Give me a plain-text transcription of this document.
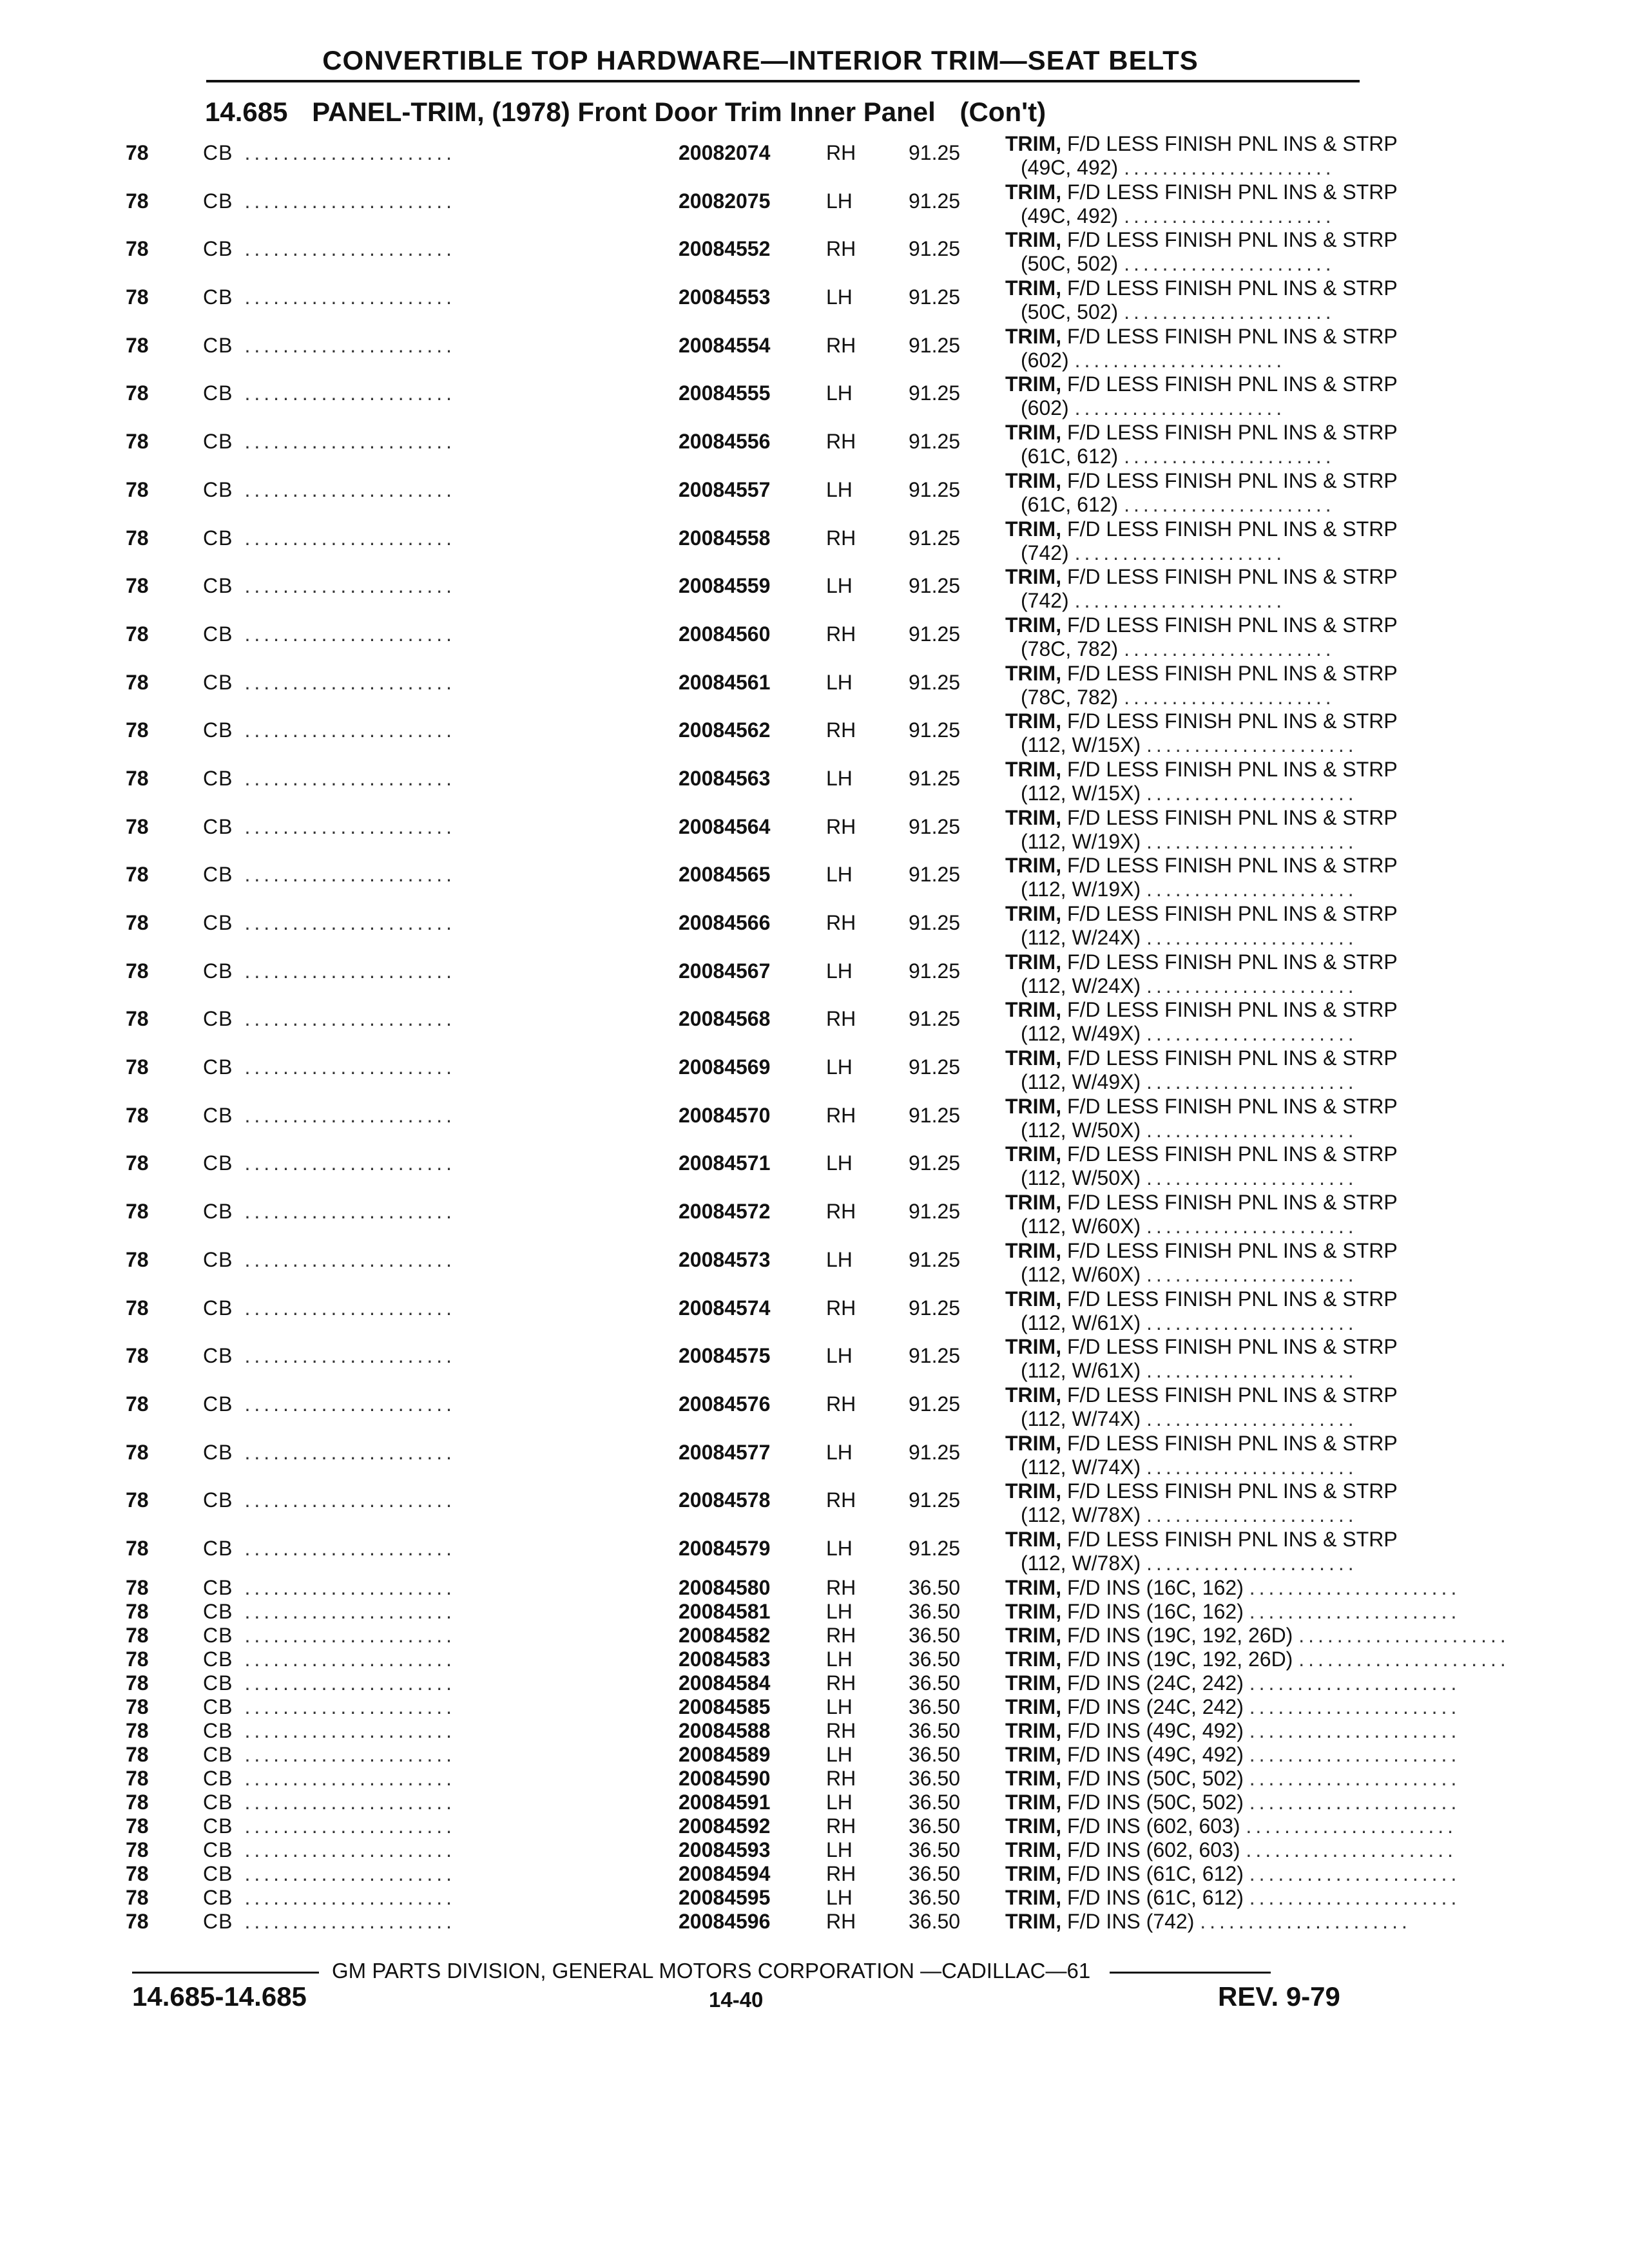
CONVERTIBLE TOP HARDWARE—INTERIOR TRIM—SEAT BELTS
14.685 PANEL-TRIM, (1978) Front Door Trim Inner Panel (Con't)
78	CB ......................	20082074	RH	91.25 TRIM, F/D LESS FINISH PNL INS & STRP
(49C, 492) ......................
78	CB ......................	20082075	LH	91.25 TRIM, F/D LESS FINISH PNL INS & STRP
(49C, 492) ......................
78	CB ......................	20084552	RH	91.25 TRIM, F/D LESS FINISH PNL INS & STRP
(50C, 502) ......................
78	CB ......................	20084553	LH	91.25 TRIM, F/D LESS FINISH PNL INS & STRP
(50C, 502) ......................
78	CB ......................	20084554	RH	91.25 TRIM, F/D LESS FINISH PNL INS & STRP
(602) ......................
78	CB ......................	20084555	LH	91.25 TRIM, F/D LESS FINISH PNL INS & STRP
(602) ......................
78	CB ......................	20084556	RH	91.25 TRIM, F/D LESS FINISH PNL INS & STRP
(61C, 612) ......................
78	CB ......................	20084557	LH	91.25 TRIM, F/D LESS FINISH PNL INS & STRP
(61C, 612) ......................
78	CB ......................	20084558	RH	91.25 TRIM, F/D LESS FINISH PNL INS & STRP
(742) ......................
78	CB ......................	20084559	LH	91.25 TRIM, F/D LESS FINISH PNL INS & STRP
(742) ......................
78	CB ......................	20084560	RH	91.25 TRIM, F/D LESS FINISH PNL INS & STRP
(78C, 782) ......................
78	CB ......................	20084561	LH	91.25 TRIM, F/D LESS FINISH PNL INS & STRP
(78C, 782) ......................
78	CB ......................	20084562	RH	91.25 TRIM, F/D LESS FINISH PNL INS & STRP
(112, W/15X) ......................
78	CB ......................	20084563	LH	91.25 TRIM, F/D LESS FINISH PNL INS & STRP
(112, W/15X) ......................
78	CB ......................	20084564	RH	91.25 TRIM, F/D LESS FINISH PNL INS & STRP
(112, W/19X) ......................
78	CB ......................	20084565	LH	91.25 TRIM, F/D LESS FINISH PNL INS & STRP
(112, W/19X) ......................
78	CB ......................	20084566	RH	91.25 TRIM, F/D LESS FINISH PNL INS & STRP
(112, W/24X) ......................
78	CB ......................	20084567	LH	91.25 TRIM, F/D LESS FINISH PNL INS & STRP
(112, W/24X) ......................
78	CB ......................	20084568	RH	91.25 TRIM, F/D LESS FINISH PNL INS & STRP
(112, W/49X) ......................
78	CB ......................	20084569	LH	91.25 TRIM, F/D LESS FINISH PNL INS & STRP
(112, W/49X) ......................
78	CB ......................	20084570	RH	91.25 TRIM, F/D LESS FINISH PNL INS & STRP
(112, W/50X) ......................
78	CB ......................	20084571	LH	91.25 TRIM, F/D LESS FINISH PNL INS & STRP
(112, W/50X) ......................
78	CB ......................	20084572	RH	91.25 TRIM, F/D LESS FINISH PNL INS & STRP
(112, W/60X) ......................
78	CB ......................	20084573	LH	91.25 TRIM, F/D LESS FINISH PNL INS & STRP
(112, W/60X) ......................
78	CB ......................	20084574	RH	91.25 TRIM, F/D LESS FINISH PNL INS & STRP
(112, W/61X) ......................
78	CB ......................	20084575	LH	91.25 TRIM, F/D LESS FINISH PNL INS & STRP
(112, W/61X) ......................
78	CB ......................	20084576	RH	91.25 TRIM, F/D LESS FINISH PNL INS & STRP
(112, W/74X) ......................
78	CB ......................	20084577	LH	91.25 TRIM, F/D LESS FINISH PNL INS & STRP
(112, W/74X) ......................
78	CB ......................	20084578	RH	91.25 TRIM, F/D LESS FINISH PNL INS & STRP
(112, W/78X) ......................
78	CB ......................	20084579	LH	91.25 TRIM, F/D LESS FINISH PNL INS & STRP
(112, W/78X) ......................
78	CB ......................	20084580	RH	36.50 TRIM, F/D INS (16C, 162) ......................
78	CB ......................	20084581	LH	36.50 TRIM, F/D INS (16C, 162) ......................
78	CB ......................	20084582	RH	36.50 TRIM, F/D INS (19C, 192, 26D) ......................
78	CB ......................	20084583	LH	36.50 TRIM, F/D INS (19C, 192, 26D) ......................
78	CB ......................	20084584	RH	36.50 TRIM, F/D INS (24C, 242) ......................
78	CB ......................	20084585	LH	36.50 TRIM, F/D INS (24C, 242) ......................
78	CB ......................	20084588	RH	36.50 TRIM, F/D INS (49C, 492) ......................
78	CB ......................	20084589	LH	36.50 TRIM, F/D INS (49C, 492) ......................
78	CB ......................	20084590	RH	36.50 TRIM, F/D INS (50C, 502) ......................
78	CB ......................	20084591	LH	36.50 TRIM, F/D INS (50C, 502) ......................
78	CB ......................	20084592	RH	36.50 TRIM, F/D INS (602, 603) ......................
78	CB ......................	20084593	LH	36.50 TRIM, F/D INS (602, 603) ......................
78	CB ......................	20084594	RH	36.50 TRIM, F/D INS (61C, 612) ......................
78	CB ......................	20084595	LH	36.50 TRIM, F/D INS (61C, 612) ......................
78	CB ......................	20084596	RH	36.50 TRIM, F/D INS (742) ......................
GM PARTS DIVISION, GENERAL MOTORS CORPORATION —CADILLAC—61
14.685-14.685	14-40	REV. 9-79
